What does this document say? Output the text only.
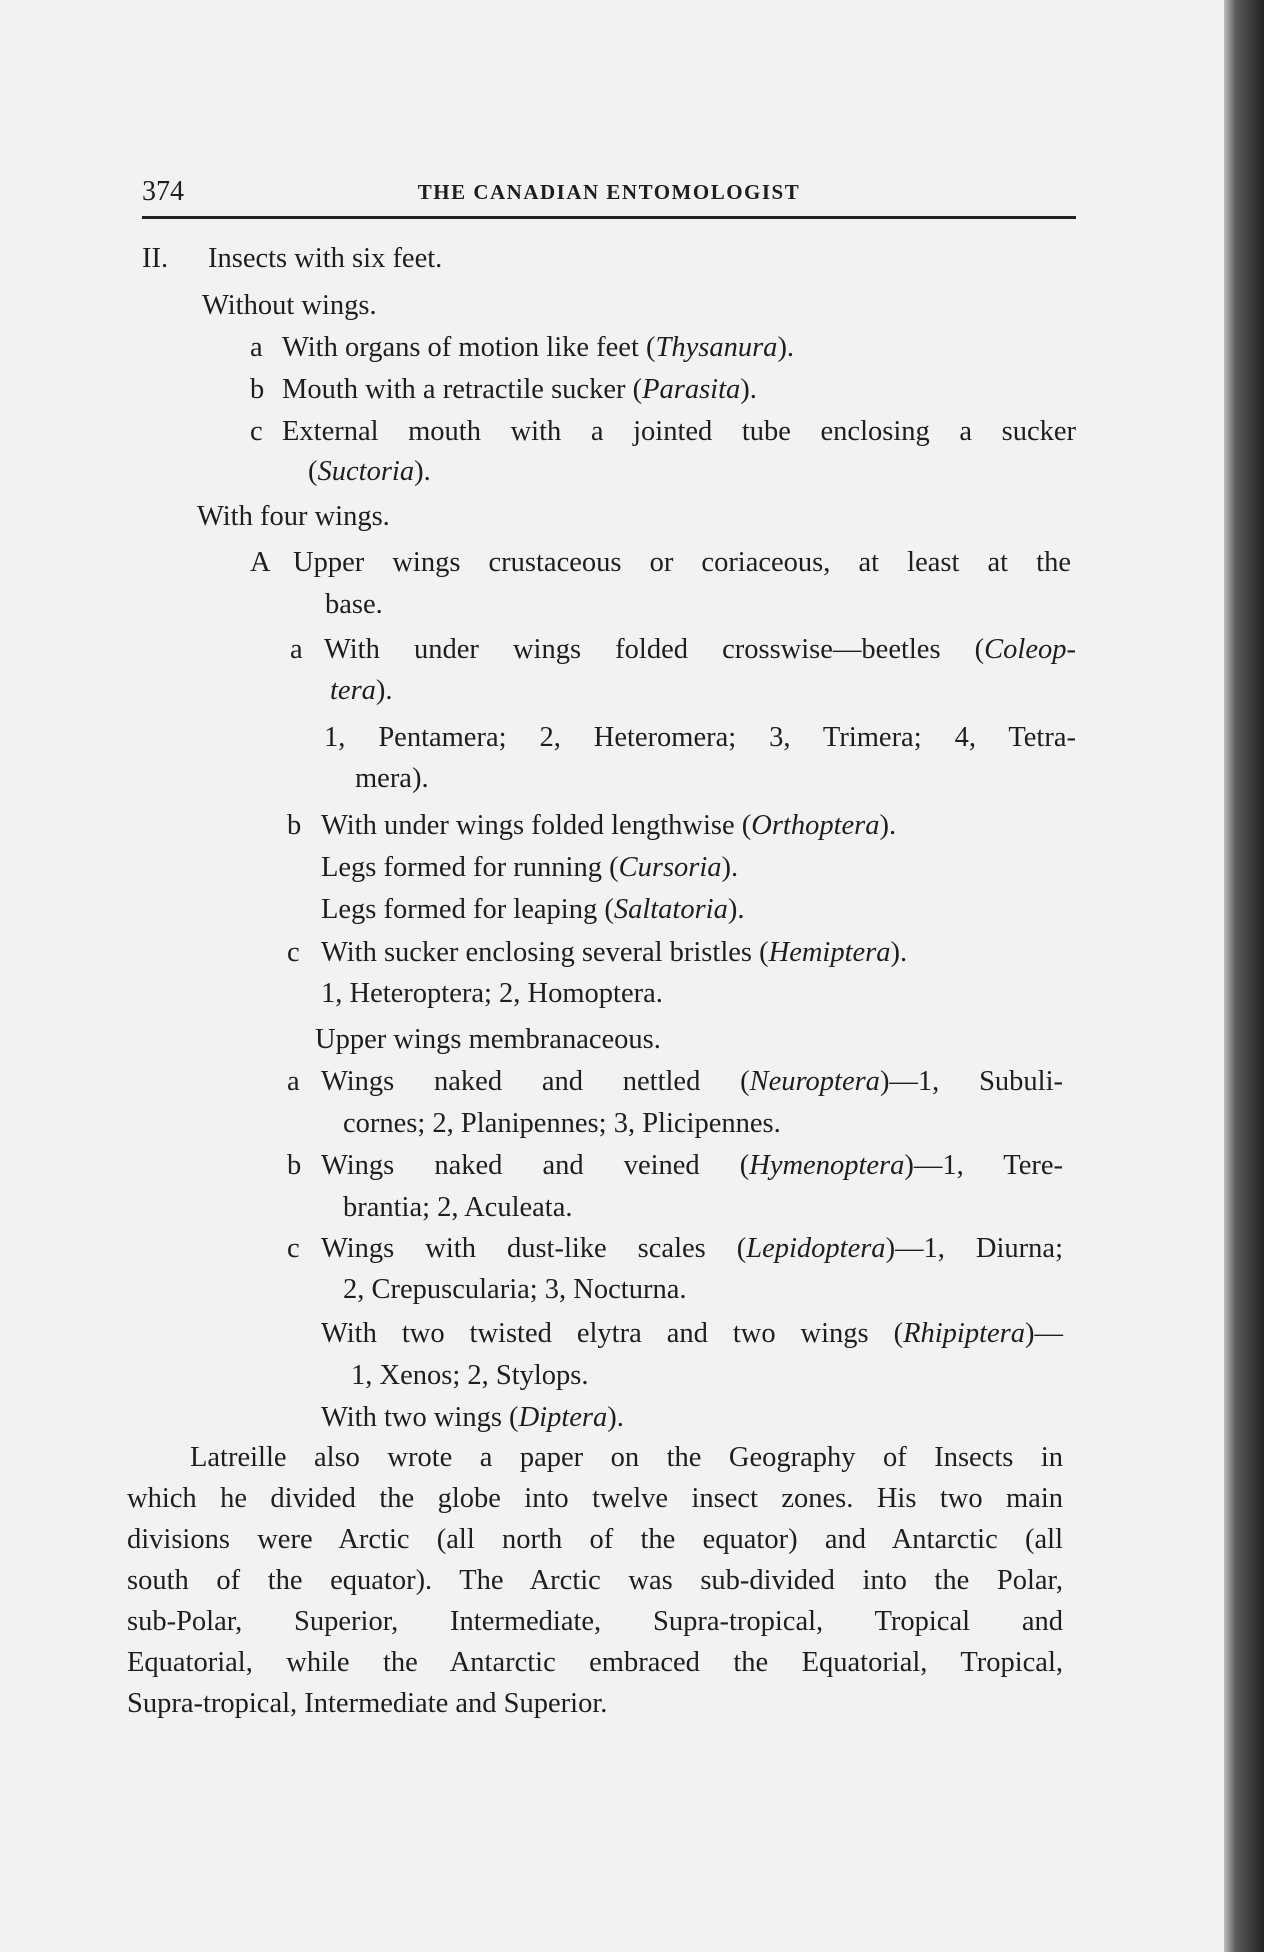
374	THE CANADIAN ENTOMOLOGIST
II. Insects with six feet.
Without wings.
a With organs of motion like feet (Thysanura).
b Mouth with a retractile sucker (Parasita).
c External mouth with a jointed tube enclosing a sucker
(Suctoria).
With four wings.
A Upper wings crustaceous or coriaceous, at least at the
base.
a With under wings folded crosswise—beetles (Coleop-
tera).
1, Pentamera; 2, Heteromera; 3, Trimera; 4, Tetra-
mera).
b With under wings folded lengthwise (Orthoptera).
Legs formed for running (Cursoria).
Legs formed for leaping (Saltatoria).
c With sucker enclosing several bristles (Hemiptera).
1, Heteroptera; 2, Homoptera.
Upper wings membranaceous.
a Wings naked and nettled (Neuroptera)—1, Subuli-
cornes; 2, Planipennes; 3, Plicipennes.
b Wings naked and veined (Hymenoptera)—1, Tere-
brantia; 2, Aculeata.
c Wings with dust-like scales (Lepidoptera)—1, Diurna;
2, Crepuscularia; 3, Nocturna.
With two twisted elytra and two wings (Rhipiptera)—
1, Xenos; 2, Stylops.
With two wings (Diptera).
Latreille also wrote a paper on the Geography of Insects in
which he divided the globe into twelve insect zones. His two main
divisions were Arctic (all north of the equator) and Antarctic (all
south of the equator). The Arctic was sub-divided into the Polar,
sub-Polar, Superior, Intermediate, Supra-tropical, Tropical and
Equatorial, while the Antarctic embraced the Equatorial, Tropical,
Supra-tropical, Intermediate and Superior.
